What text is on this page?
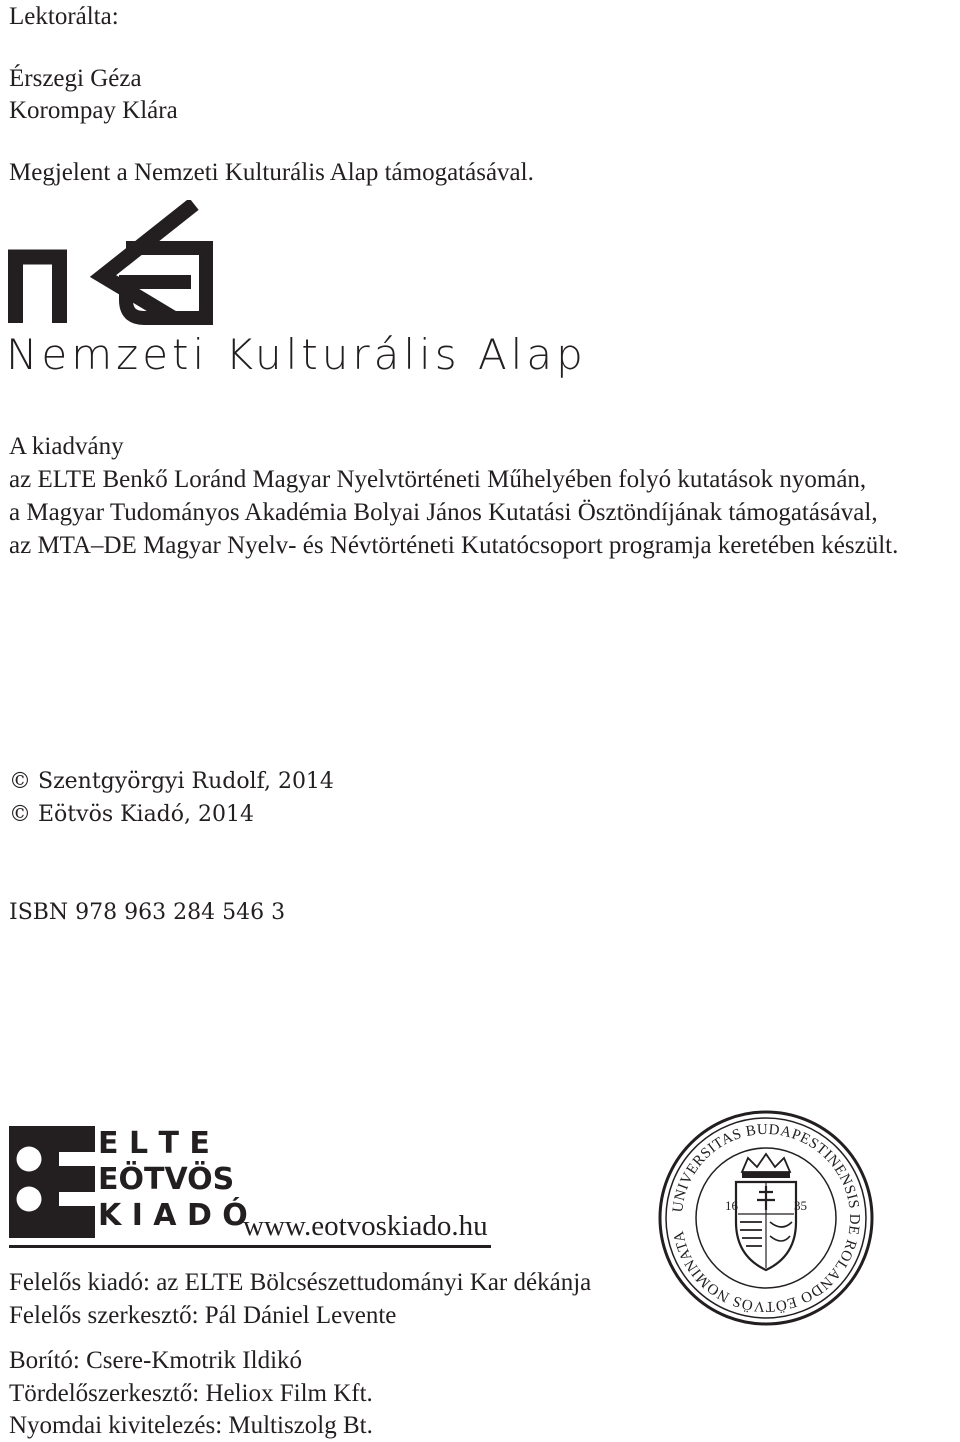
Lektorálta:
Érszegi Géza
Korompay Klára
Megjelent a Nemzeti Kulturális Alap támogatásával.
Nemzeti Kulturális Alap
A kiadvány
az ELTE Benkő Loránd Magyar Nyelvtörténeti Műhelyében folyó kutatások nyomán,
a Magyar Tudományos Akadémia Bolyai János Kutatási Ösztöndíjának támogatásával,
az MTA–DE Magyar Nyelv- és Névtörténeti Kutatócsoport programja keretében készült.
© Szentgyörgyi Rudolf, 2014
© Eötvös Kiadó, 2014
ISBN 978 963 284 546 3
E L T E
EÖTVÖS
K I A D Ó
www.eotvoskiado.hu
UNIVERSITAS BUDAPESTINENSIS DE ROLANDO EÖTVÖS NOMINATA
16	35
Felelős kiadó: az ELTE Bölcsészettudományi Kar dékánja
Felelős szerkesztő: Pál Dániel Levente
Borító: Csere-Kmotrik Ildikó
Tördelőszerkesztő: Heliox Film Kft.
Nyomdai kivitelezés: Multiszolg Bt.
